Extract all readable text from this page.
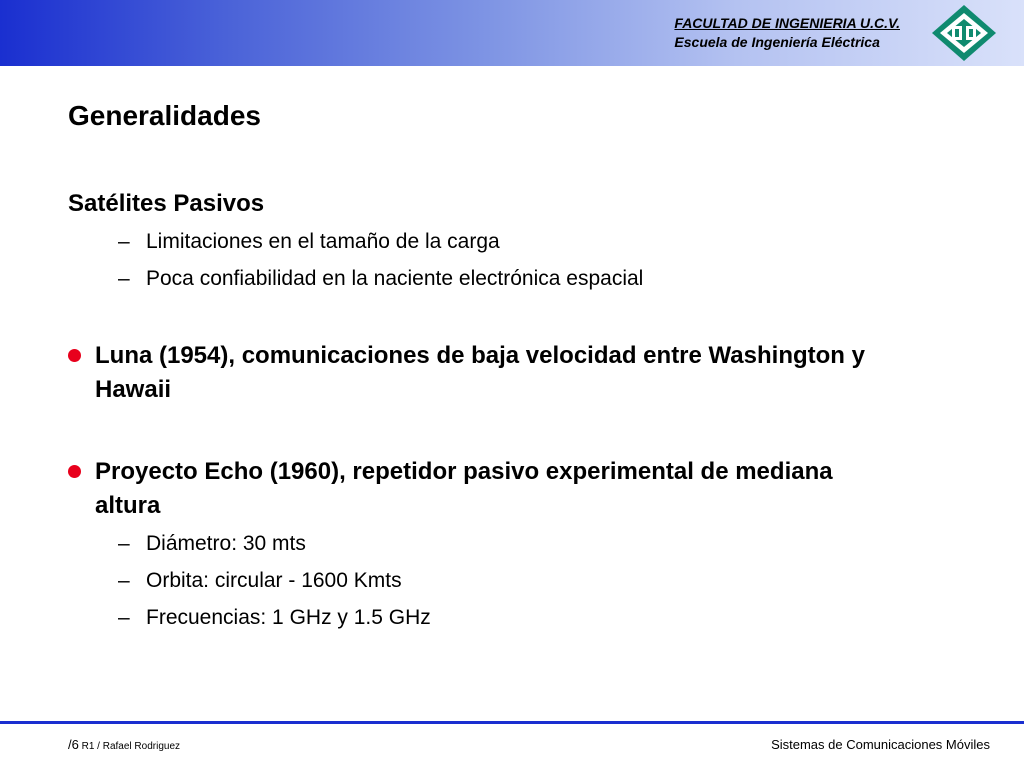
FACULTAD DE INGENIERIA U.C.V.
Escuela de Ingeniería Eléctrica
Generalidades
Satélites Pasivos
– Limitaciones en el tamaño de la carga
– Poca confiabilidad en la naciente electrónica espacial
Luna (1954), comunicaciones de baja velocidad entre Washington y Hawaii
Proyecto Echo (1960), repetidor pasivo experimental de mediana altura
– Diámetro: 30 mts
– Orbita: circular - 1600 Kmts
– Frecuencias: 1 GHz y 1.5 GHz
/6 R1 / Rafael Rodriguez	Sistemas de Comunicaciones Móviles
